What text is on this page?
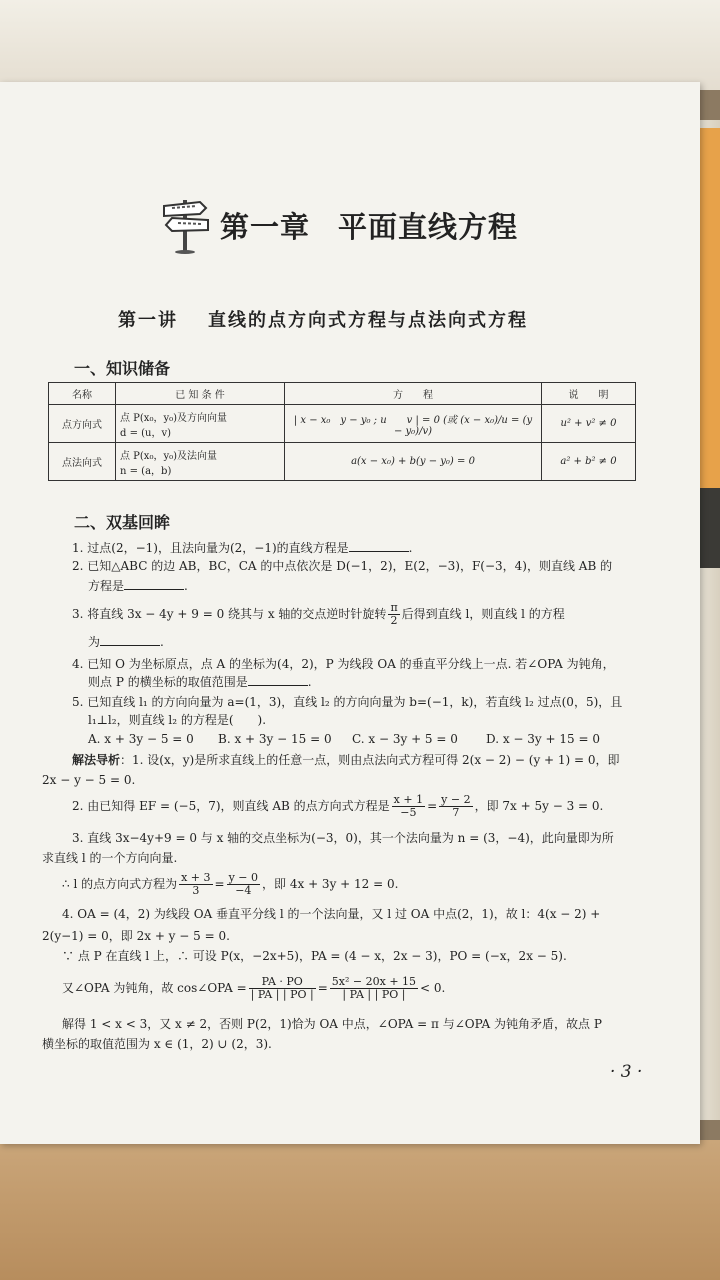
第一章 平面直线方程
第一讲 直线的点方向式方程与点法向式方程
一、知识储备
名称	已 知 条 件	方　　程	说　　明
点方向式	点 P(x₀，y₀)及方向向量
d = (u，v)	| x − x₀　y − y₀ ; u　　v | = 0 (或 (x − x₀)/u = (y − y₀)/v)	u² + v² ≠ 0
点法向式	点 P(x₀，y₀)及法向量
n = (a，b)	a(x − x₀) + b(y − y₀) = 0	a² + b² ≠ 0
二、双基回眸
1. 过点(2，−1)，且法向量为(2，−1)的直线方程是	.
2. 已知△ABC 的边 AB，BC，CA 的中点依次是 D(−1，2)，E(2，−3)，F(−3，4)，则直线 AB 的
方程是	.
3. 将直线 3x − 4y + 9 = 0 绕其与 x 轴的交点逆时针旋转 $\frac{\pi}{2}$ 后得到直线 l，则直线 l 的方程
为	.
4. 已知 O 为坐标原点，点 A 的坐标为(4，2)，P 为线段 OA 的垂直平分线上一点. 若∠OPA 为钝角，
则点 P 的横坐标的取值范围是	.
5. 已知直线 l₁ 的方向向量为 a=(1，3)，直线 l₂ 的方向向量为 b=(−1，k)，若直线 l₂ 过点(0，5)，且
l₁⊥l₂，则直线 l₂ 的方程是(　　).
A. x + 3y − 5 = 0 B. x + 3y − 15 = 0 C. x − 3y + 5 = 0 D. x − 3y + 15 = 0
解法导析：1. 设(x，y)是所求直线上的任意一点，则由点法向式方程可得 2(x − 2) − (y + 1) = 0，即
2x − y − 5 = 0.
2. 由已知得 EF = (−5，7)，则直线 AB 的点方向式方程是 $\frac{x + 1}{-5} = \frac{y - 2}{7}$ ，即 7x + 5y − 3 = 0.
3. 直线 3x−4y+9 = 0 与 x 轴的交点坐标为(−3，0)，其一个法向量为 n = (3，−4)，此向量即为所
求直线 l 的一个方向向量.
∴ l 的点方向式方程为 $\frac{x + 3}{3} = \frac{y - 0}{-4}$ ，即 4x + 3y + 12 = 0.
4. OA = (4，2) 为线段 OA 垂直平分线 l 的一个法向量，又 l 过 OA 中点(2，1)，故 l：4(x − 2) +
2(y−1) = 0，即 2x + y − 5 = 0.
∵ 点 P 在直线 l 上，∴ 可设 P(x，−2x+5)，PA = (4 − x，2x − 3)，PO = (−x，2x − 5).
又∠OPA 为钝角，故 cos∠OPA = $\frac{PA \cdot PO}{| PA | | PO |} = \frac{\text{5x² − 20x + 15}}{| PA | | PO |} < 0$.
解得 1 < x < 3，又 x ≠ 2，否则 P(2，1)恰为 OA 中点，∠OPA = π 与∠OPA 为钝角矛盾，故点 P
横坐标的取值范围为 x ∈ (1，2) ∪ (2，3).
· 3 ·
